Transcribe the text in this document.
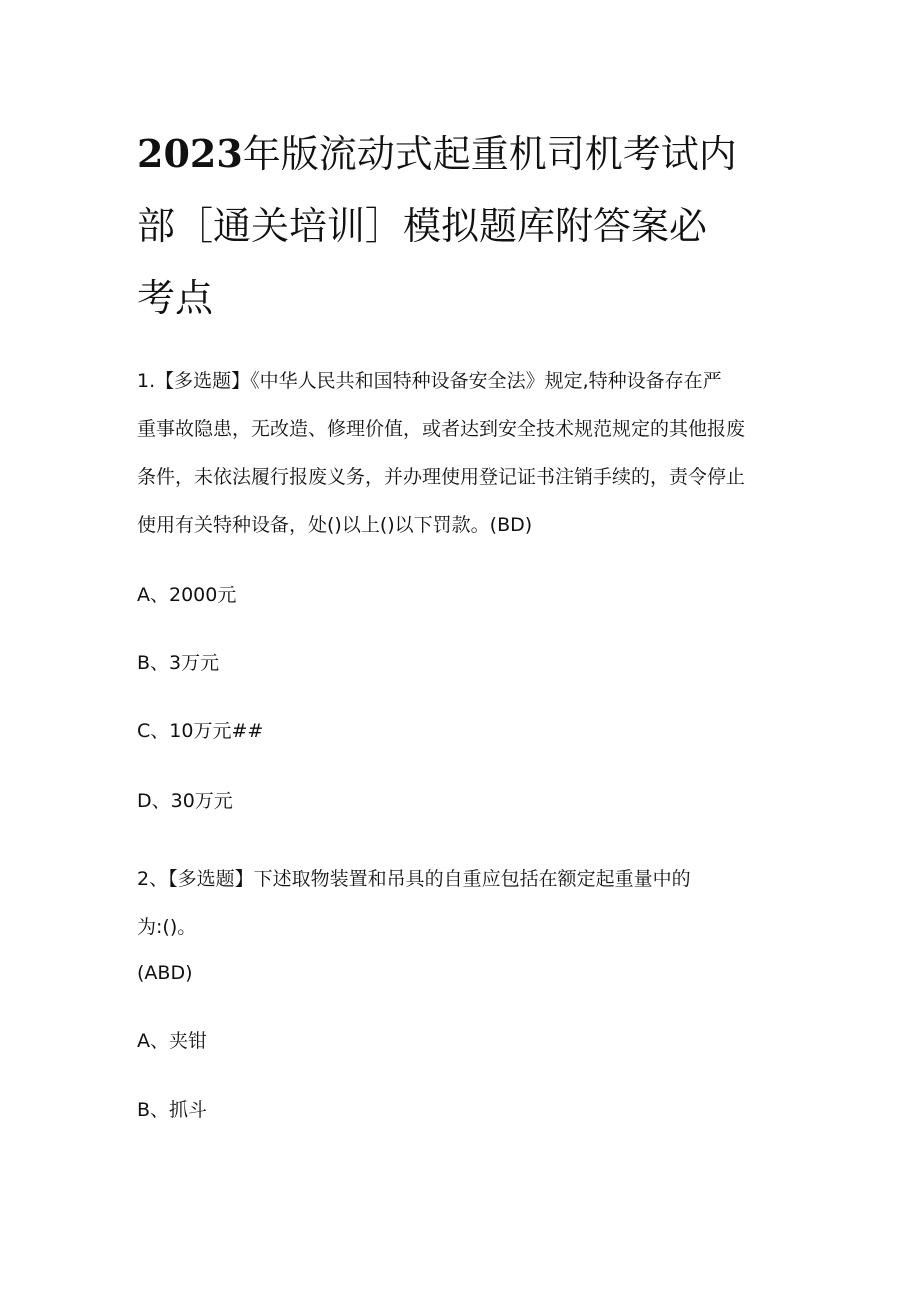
2023年版流动式起重机司机考试内
部［通关培训］模拟题库附答案必
考点
1.【多选题】《中华人民共和国特种设备安全法》规定,特种设备存在严
重事故隐患，无改造、修理价值，或者达到安全技术规范规定的其他报废
条件，未依法履行报废义务，并办理使用登记证书注销手续的，责令停止
使用有关特种设备，处()以上()以下罚款。(BD)

A、2000元

B、3万元

C、10万元##

D、30万元

2、【多选题】下述取物装置和吊具的自重应包括在额定起重量中的
为:()。

(ABD)

A、夹钳

B、抓斗
